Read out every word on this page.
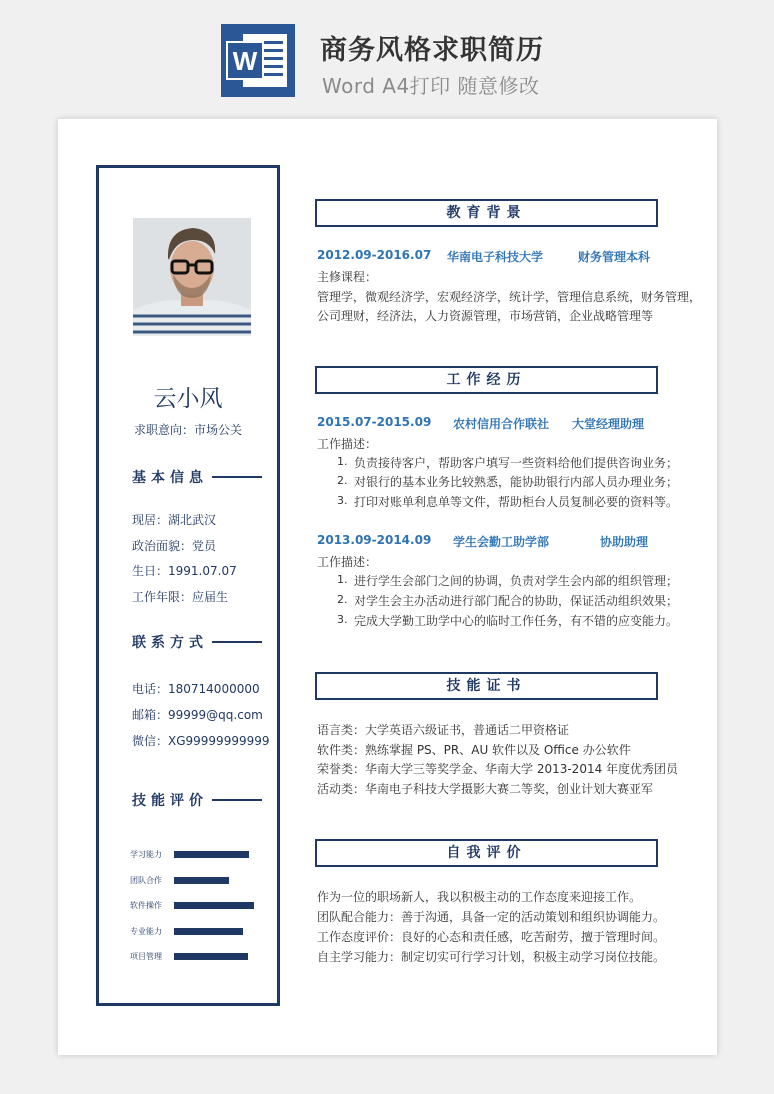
W 商务风格求职简历
Word A4打印 随意修改
云小风
求职意向：市场公关
基本信息
现居：湖北武汉
政治面貌：党员
生日：1991.07.07
工作年限：应届生
联系方式
电话：180714000000
邮箱：99999@qq.com
微信：XG99999999999
技能评价
学习能力
团队合作
软件操作
专业能力
项目管理
教育背景
2012.09-2016.07 华南电子科技大学	财务管理本科
主修课程：
管理学，微观经济学，宏观经济学，统计学，管理信息系统，财务管理，
公司理财，经济法，人力资源管理，市场营销，企业战略管理等
工作经历
2015.07-2015.09 农村信用合作联社 大堂经理助理
工作描述：
1. 负责接待客户，帮助客户填写一些资料给他们提供咨询业务；
2. 对银行的基本业务比较熟悉，能协助银行内部人员办理业务；
3. 打印对账单利息单等文件，帮助柜台人员复制必要的资料等。
2013.09-2014.09 学生会勤工助学部	协助助理
工作描述：
1. 进行学生会部门之间的协调，负责对学生会内部的组织管理；
2. 对学生会主办活动进行部门配合的协助，保证活动组织效果；
3. 完成大学勤工助学中心的临时工作任务，有不错的应变能力。
技能证书
语言类：大学英语六级证书，普通话二甲资格证
软件类：熟练掌握 PS、PR、AU 软件以及 Office 办公软件
荣誉类：华南大学三等奖学金、华南大学 2013-2014 年度优秀团员
活动类：华南电子科技大学摄影大赛二等奖，创业计划大赛亚军
自我评价
作为一位的职场新人，我以积极主动的工作态度来迎接工作。
团队配合能力：善于沟通，具备一定的活动策划和组织协调能力。
工作态度评价：良好的心态和责任感，吃苦耐劳，擅于管理时间。
自主学习能力：制定切实可行学习计划，积极主动学习岗位技能。
